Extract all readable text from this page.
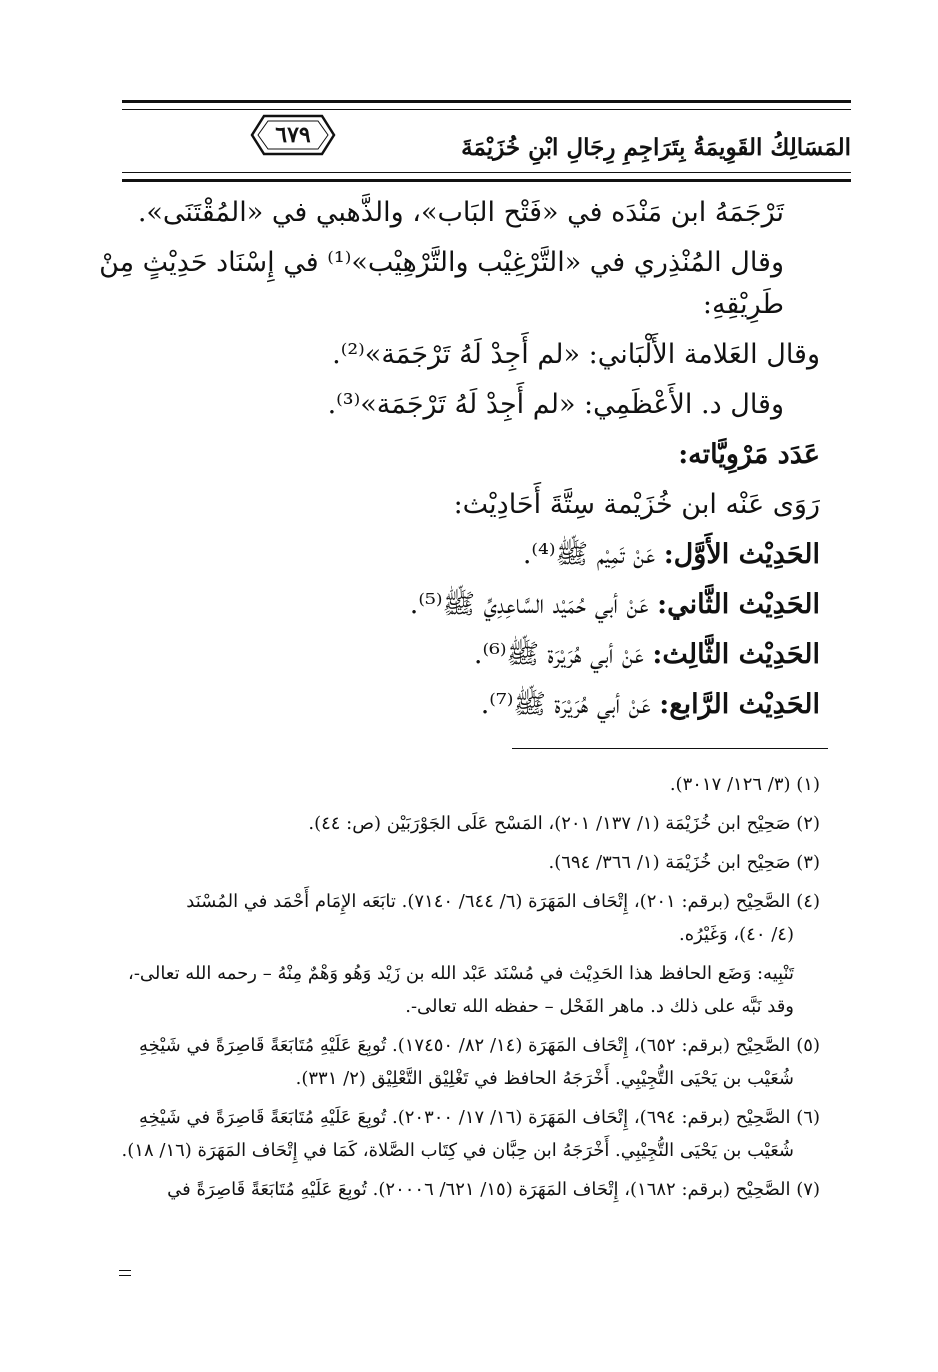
المَسَالِكُ القَوِيمَةُ بِتَرَاجِمِ رِجَالِ ابْنِ خُزَيْمَةَ
٦٧٩

تَرْجَمَهُ ابن مَنْدَه في «فَتْح البَاب»، والذَّهبي في «المُقْتَنَى».

وقال المُنْذِري في «التَّرْغِيْب والتَّرْهِيْب»⁽¹⁾ في إِسْنَاد حَدِيْثٍ مِنْ طَرِيْقِهِ:

وقال العَلامة الأَلْبَاني: «لم أَجِدْ لَهُ تَرْجَمَة»⁽²⁾.

وقال د. الأَعْظَمِي: «لم أَجِدْ لَهُ تَرْجَمَة»⁽³⁾.

عَدَد مَرْوِيَّاته:

رَوَى عَنْه ابن خُزَيْمة سِتَّةَ أَحَادِيْث:

الحَدِيْث الأَوَّل: عَنْ تَمِيْم ﷺ⁽⁴⁾.

الحَدِيْث الثَّاني: عَنْ أبي حُمَيْد السَّاعِدِيِّ ﷺ⁽⁵⁾.

الحَدِيْث الثَّالِث: عَنْ أبي هُرَيْرَة ﷺ⁽⁶⁾.

الحَدِيْث الرَّابع: عَنْ أبي هُرَيْرَة ﷺ⁽⁷⁾.

(١) (٣/ ١٢٦/ ٣٠١٧).

(٢) صَحِيْح ابن خُزَيْمَة (١/ ١٣٧/ ٢٠١)، المَسْح عَلَى الجَوْرَبَيْن (ص: ٤٤).

(٣) صَحِيْح ابن خُزَيْمَة (١/ ٣٦٦/ ٦٩٤).

(٤) الصَّحِيْح (برقم: ٢٠١)، إِتْحَاف المَهَرَة (٦/ ٦٤٤/ ٧١٤٠). تابَعَه الإِمَام أَحْمَد في المُسْنَد
(٤/ ٤٠)، وَغَيْرُه.

تَنْبِيه: وَضَع الحافظ هذا الحَدِيْث في مُسْنَد عَبْد الله بن زَيْد وَهُو وَهْمٌ مِنْهُ – رحمه الله تعالى-، وقد نَبَّه على ذلك د. ماهر الفَحْل – حفظه الله تعالى-.

(٥) الصَّحِيْح (برقم: ٦٥٢)، إِتْحَاف المَهَرَة (١٤/ ٨٢/ ١٧٤٥٠). تُوبِعَ عَلَيْهِ مُتَابَعَةً قَاصِرَةً في شَيْخِهِ
شُعَيْب بن يَحْيَى التُّجِيْبِي. أَخْرَجَهُ الحافظ في تَغْلِيْق التَّعْلِيْق (٢/ ٣٣١).

(٦) الصَّحِيْح (برقم: ٦٩٤)، إِتْحَاف المَهَرَة (١٦/ ١٧/ ٢٠٣٠٠). تُوبِعَ عَلَيْهِ مُتَابَعَةً قَاصِرَةً في شَيْخِهِ
شُعَيْب بن يَحْيَى التُّجِيْبِي. أَخْرَجَهُ ابن حِبَّان في كِتَاب الصَّلاة، كَمَا في إِتْحَاف المَهَرَة (١٦/ ١٨).

(٧) الصَّحِيْح (برقم: ١٦٨٢)، إِتْحَاف المَهَرَة (١٥/ ٦٢١/ ٢٠٠٠٦). تُوبِعَ عَلَيْهِ مُتَابَعَةً قَاصِرَةً في
